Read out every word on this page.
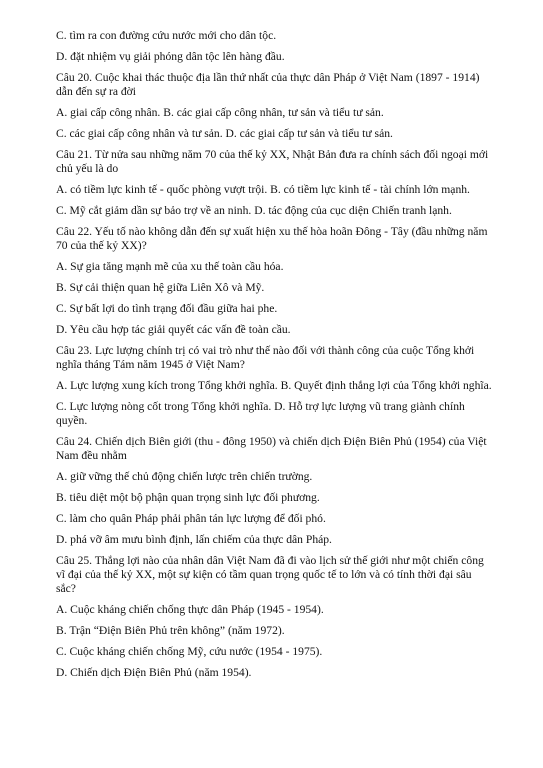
C. tìm ra con đường cứu nước mới cho dân tộc.

D. đặt nhiệm vụ giải phóng dân tộc lên hàng đầu.

Câu 20. Cuộc khai thác thuộc địa lần thứ nhất của thực dân Pháp ở Việt Nam (1897 - 1914) dẫn đến sự ra đời

A. giai cấp công nhân. B. các giai cấp công nhân, tư sản và tiểu tư sản.

C. các giai cấp công nhân và tư sản. D. các giai cấp tư sản và tiểu tư sản.

Câu 21. Từ nửa sau những năm 70 của thế kỷ XX, Nhật Bản đưa ra chính sách đối ngoại mới chủ yếu là do

A. có tiềm lực kinh tế - quốc phòng vượt trội. B. có tiềm lực kinh tế - tài chính lớn mạnh.

C. Mỹ cắt giảm dần sự bảo trợ về an ninh. D. tác động của cục diện Chiến tranh lạnh.

Câu 22. Yếu tố nào không dẫn đến sự xuất hiện xu thế hòa hoãn Đông - Tây (đầu những năm 70 của thế kỷ XX)?

A. Sự gia tăng mạnh mẽ của xu thế toàn cầu hóa.

B. Sự cải thiện quan hệ giữa Liên Xô và Mỹ.

C. Sự bất lợi do tình trạng đối đầu giữa hai phe.

D. Yêu cầu hợp tác giải quyết các vấn đề toàn cầu.

Câu 23. Lực lượng chính trị có vai trò như thế nào đối với thành công của cuộc Tổng khởi nghĩa tháng Tám năm 1945 ở Việt Nam?

A. Lực lượng xung kích trong Tổng khởi nghĩa. B. Quyết định thắng lợi của Tổng khởi nghĩa.

C. Lực lượng nòng cốt trong Tổng khởi nghĩa. D. Hỗ trợ lực lượng vũ trang giành chính quyền.

Câu 24. Chiến dịch Biên giới (thu - đông 1950) và chiến dịch Điện Biên Phủ (1954) của Việt Nam đều nhằm

A. giữ vững thế chủ động chiến lược trên chiến trường.

B. tiêu diệt một bộ phận quan trọng sinh lực đối phương.

C. làm cho quân Pháp phải phân tán lực lượng để đối phó.

D. phá vỡ âm mưu bình định, lấn chiếm của thực dân Pháp.

Câu 25. Thắng lợi nào của nhân dân Việt Nam đã đi vào lịch sử thế giới như một chiến công vĩ đại của thế kỷ XX, một sự kiện có tầm quan trọng quốc tế to lớn và có tính thời đại sâu sắc?

A. Cuộc kháng chiến chống thực dân Pháp (1945 - 1954).

B. Trận “Điện Biên Phủ trên không” (năm 1972).

C. Cuộc kháng chiến chống Mỹ, cứu nước (1954 - 1975).

D. Chiến dịch Điện Biên Phủ (năm 1954).
